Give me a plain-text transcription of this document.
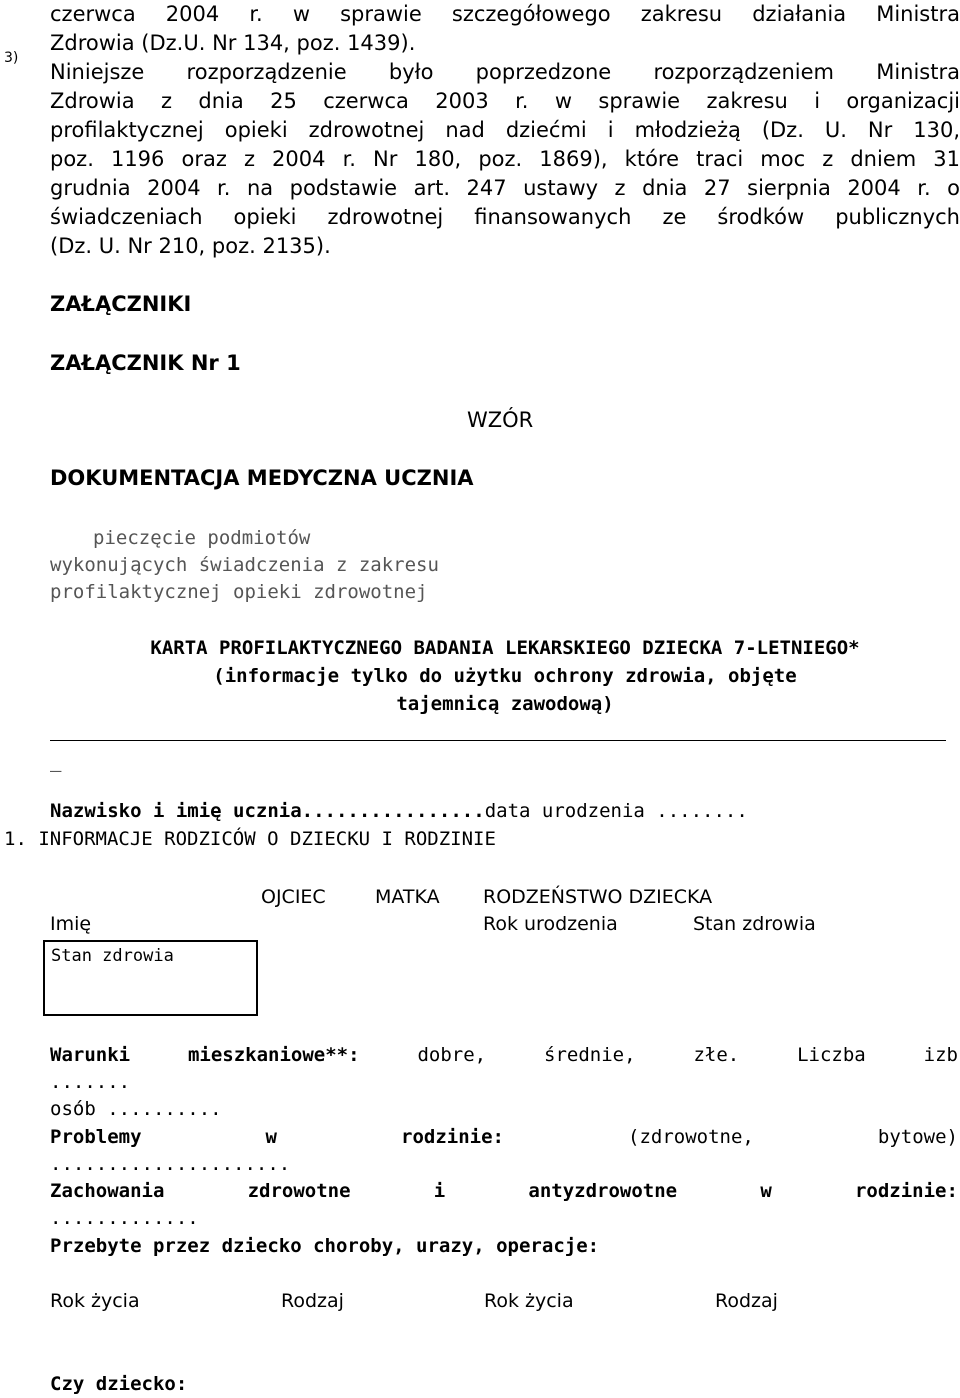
czerwca 2004 r. w sprawie szczegółowego zakresu działania Ministra
Zdrowia (Dz.U. Nr 134, poz. 1439).
Niniejsze rozporządzenie było poprzedzone rozporządzeniem Ministra
Zdrowia z dnia 25 czerwca 2003 r. w sprawie zakresu i organizacji
profilaktycznej opieki zdrowotnej nad dziećmi i młodzieżą (Dz. U. Nr 130,
poz. 1196 oraz z 2004 r. Nr 180, poz. 1869), które traci moc z dniem 31
grudnia 2004 r. na podstawie art. 247 ustawy z dnia 27 sierpnia 2004 r. o
świadczeniach opieki zdrowotnej finansowanych ze środków publicznych
(Dz. U. Nr 210, poz. 2135).
3)
ZAŁĄCZNIKI
ZAŁĄCZNIK Nr 1
WZÓR
DOKUMENTACJA MEDYCZNA UCZNIA
pieczęcie podmiotów
wykonujących świadczenia z zakresu
profilaktycznej opieki zdrowotnej
KARTA PROFILAKTYCZNEGO BADANIA LEKARSKIEGO DZIECKA 7-LETNIEGO*
(informacje tylko do użytku ochrony zdrowia, objęte
tajemnicą zawodową)
_
Nazwisko i imię ucznia................data urodzenia ........
1. INFORMACJE RODZICÓW O DZIECKU I RODZINIE
OJCIEC	MATKA RODZEŃSTWO DZIECKA
Imię	Rok urodzenia	Stan zdrowia
Stan zdrowia
Warunki mieszkaniowe**:	dobre,	średnie,	złe.	Liczba	izb
.......
osób ..........
Problemy	w	rodzinie:	(zdrowotne,	bytowe)
.....................
Zachowania	zdrowotne	i	antyzdrowotne	w	rodzinie:
.............
Przebyte przez dziecko choroby, urazy, operacje:
Rok życia	Rodzaj	Rok życia	Rodzaj
Czy dziecko:
